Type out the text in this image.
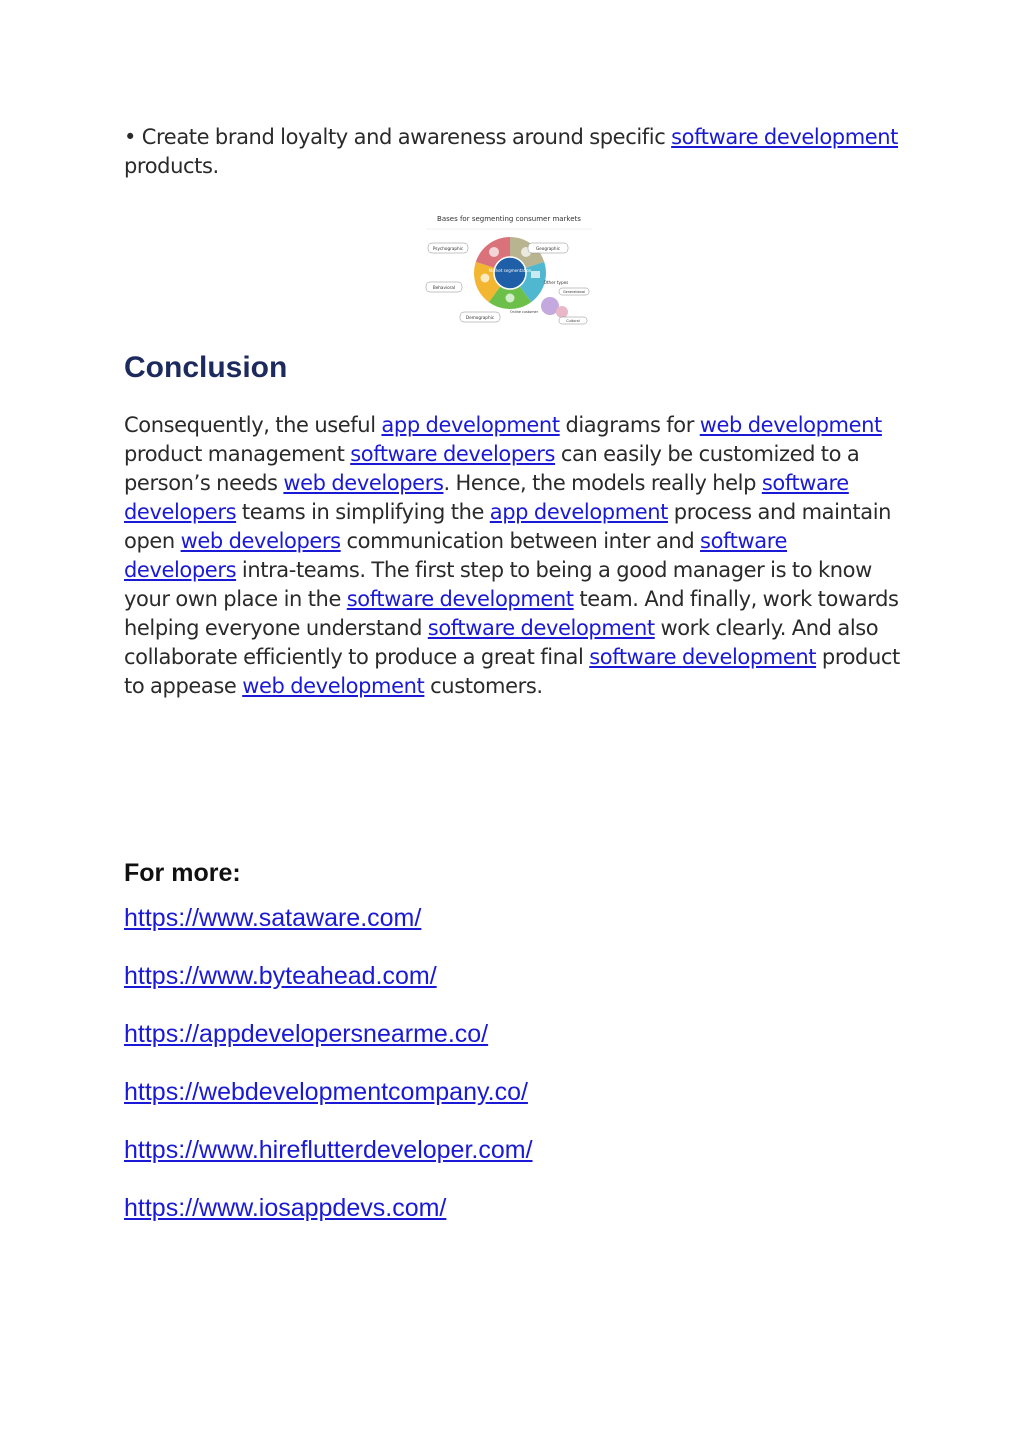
• Create brand loyalty and awareness around specific software development products.

Bases for segmenting consumer markets
Market segmentation
Psychographic	Geographic
Other types
Generational
Behavioral
Online customer
Cultural
Demographic
Conclusion

Consequently, the useful app development diagrams for web development product management software developers can easily be customized to a person’s needs web developers. Hence, the models really help software developers teams in simplifying the app development process and maintain open web developers communication between inter and software developers intra-teams. The first step to being a good manager is to know your own place in the software development team. And finally, work towards helping everyone understand software development work clearly. And also collaborate efficiently to produce a great final software development product to appease web development customers.

For more:
https://www.sataware.com/
https://www.byteahead.com/
https://appdevelopersnearme.co/
https://webdevelopmentcompany.co/
https://www.hireflutterdeveloper.com/
https://www.iosappdevs.com/
